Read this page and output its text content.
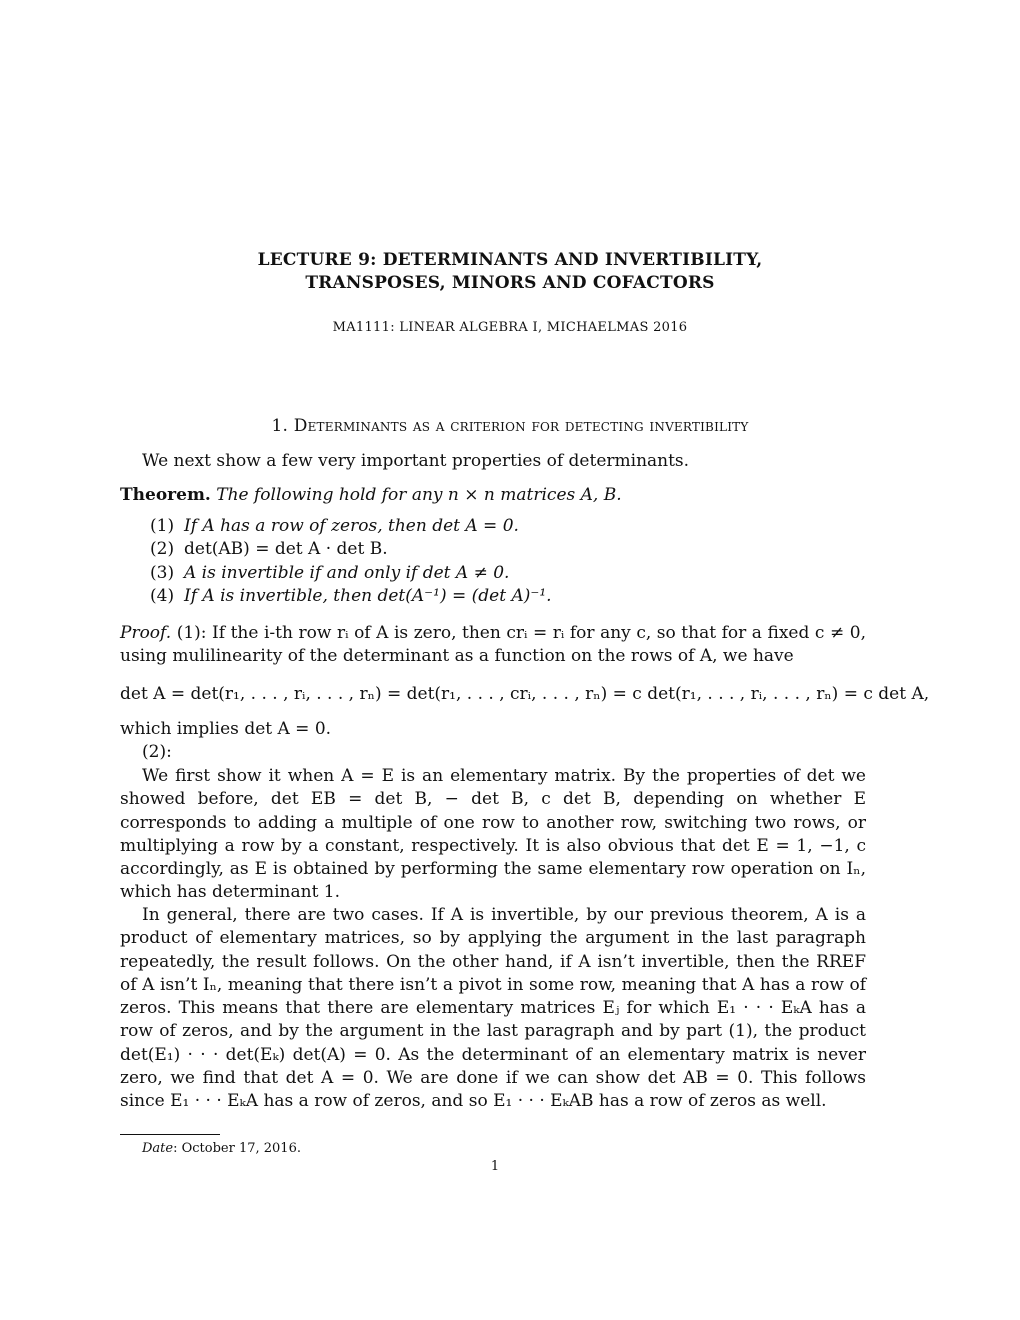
LECTURE 9: DETERMINANTS AND INVERTIBILITY,
TRANSPOSES, MINORS AND COFACTORS
MA1111: LINEAR ALGEBRA I, MICHAELMAS 2016
1. Determinants as a criterion for detecting invertibility

We next show a few very important properties of determinants.

Theorem. The following hold for any n × n matrices A, B.

(1) If A has a row of zeros, then det A = 0.
(2) det(AB) = det A · det B.
(3) A is invertible if and only if det A ≠ 0.
(4) If A is invertible, then det(A⁻¹) = (det A)⁻¹.

Proof. (1): If the i-th row rᵢ of A is zero, then crᵢ = rᵢ for any c, so that for a fixed c ≠ 0, using mulilinearity of the determinant as a function on the rows of A, we have

det A = det(r₁, . . . , rᵢ, . . . , rₙ) = det(r₁, . . . , crᵢ, . . . , rₙ) = c det(r₁, . . . , rᵢ, . . . , rₙ) = c det A,

which implies det A = 0.

(2):

We first show it when A = E is an elementary matrix. By the properties of det we showed before, det EB = det B, − det B, c det B, depending on whether E corresponds to adding a multiple of one row to another row, switching two rows, or multiplying a row by a constant, respectively. It is also obvious that det E = 1, −1, c accordingly, as E is obtained by performing the same elementary row operation on Iₙ, which has determinant 1.

In general, there are two cases. If A is invertible, by our previous theorem, A is a product of elementary matrices, so by applying the argument in the last paragraph repeatedly, the result follows. On the other hand, if A isn’t invertible, then the RREF of A isn’t Iₙ, meaning that there isn’t a pivot in some row, meaning that A has a row of zeros. This means that there are elementary matrices Eⱼ for which E₁ · · · EₖA has a row of zeros, and by the argument in the last paragraph and by part (1), the product det(E₁) · · · det(Eₖ) det(A) = 0. As the determinant of an elementary matrix is never zero, we find that det A = 0. We are done if we can show det AB = 0. This follows since E₁ · · · EₖA has a row of zeros, and so E₁ · · · EₖAB has a row of zeros as well.

Date: October 17, 2016.
1
